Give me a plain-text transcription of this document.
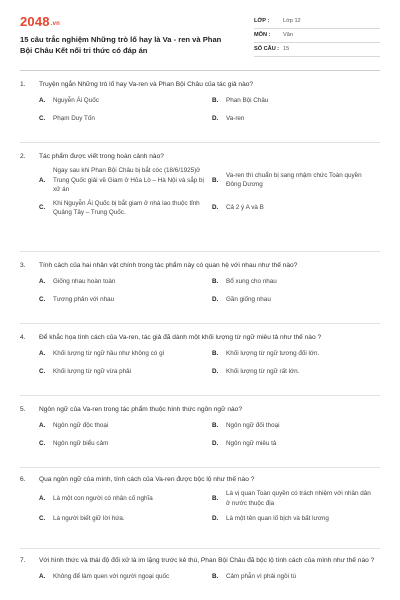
2048.vn
15 câu trắc nghiệm Những trò lố hay là Va - ren và Phan Bội Châu Kết nối tri thức có đáp án
LỚP :	Lớp 12
MÔN :	Văn
SỐ CÂU : 15
1.	Truyện ngắn Những trò lố hay Va-ren và Phan Bội Châu của tác giả nào?
A.	Nguyễn Ái Quốc	B.	Phan Bội Châu
C.	Phạm Duy Tốn	D.	Va-ren
2.	Tác phẩm được viết trong hoàn cảnh nào?
A.
Ngay sau khi Phan Bội Châu bị bắt cóc (18/6/1925)ở Trung Quốc giải về Giam ở Hỏa Lò – Hà Nội và sắp bị xử án
B.
Va-ren thì chuẩn bị sang nhậm chức Toàn quyền Đông Dương
C.
Khi Nguyễn Ái Quốc bị bắt giam ở nhà lao thuộc tỉnh Quảng Tây – Trung Quốc.
D.	Cả 2 ý A và B
3.	Tính cách của hai nhân vật chính trong tác phẩm này có quan hệ với nhau như thế nào?
A.	Giống nhau hoàn toàn	B.	Bổ xung cho nhau
C.	Tương phản với nhau	D.	Gần giống nhau
4.	Để khắc họa tính cách của Va-ren, tác giả đã dành một khối lượng từ ngữ miêu tả như thế nào ?
A.	Khối lượng từ ngữ hầu như không có gì	B.	Khối lượng từ ngữ tương đối lớn.
C.	Khối lượng từ ngữ vừa phải	D.	Khối lượng từ ngữ rất lớn.
5.	Ngôn ngữ của Va-ren trong tác phẩm thuộc hình thức ngôn ngữ nào?
A.	Ngôn ngữ độc thoại	B.	Ngôn ngữ đối thoại
C.	Ngôn ngữ biểu cảm	D.	Ngôn ngữ miêu tả
6.	Qua ngôn ngữ của mình, tính cách của Va-ren được bộc lộ như thế nào ?
A.	Là một con người có nhân cố nghĩa	B.
Là vị quan Toàn quyền có trách nhiệm với nhân dân ở nước thuộc địa
C.	Là người biết giữ lời hứa.	D.	Là một tên quan lố bịch và bất lương
7.	Với hình thức và thái độ đối xử là im lặng trước kẻ thù, Phan Bội Châu đã bộc lộ tính cách của mình như thế nào ?
A.	Không để làm quen với người ngoại quốc	B.	Cảm phẫn vì phải ngồi tù
